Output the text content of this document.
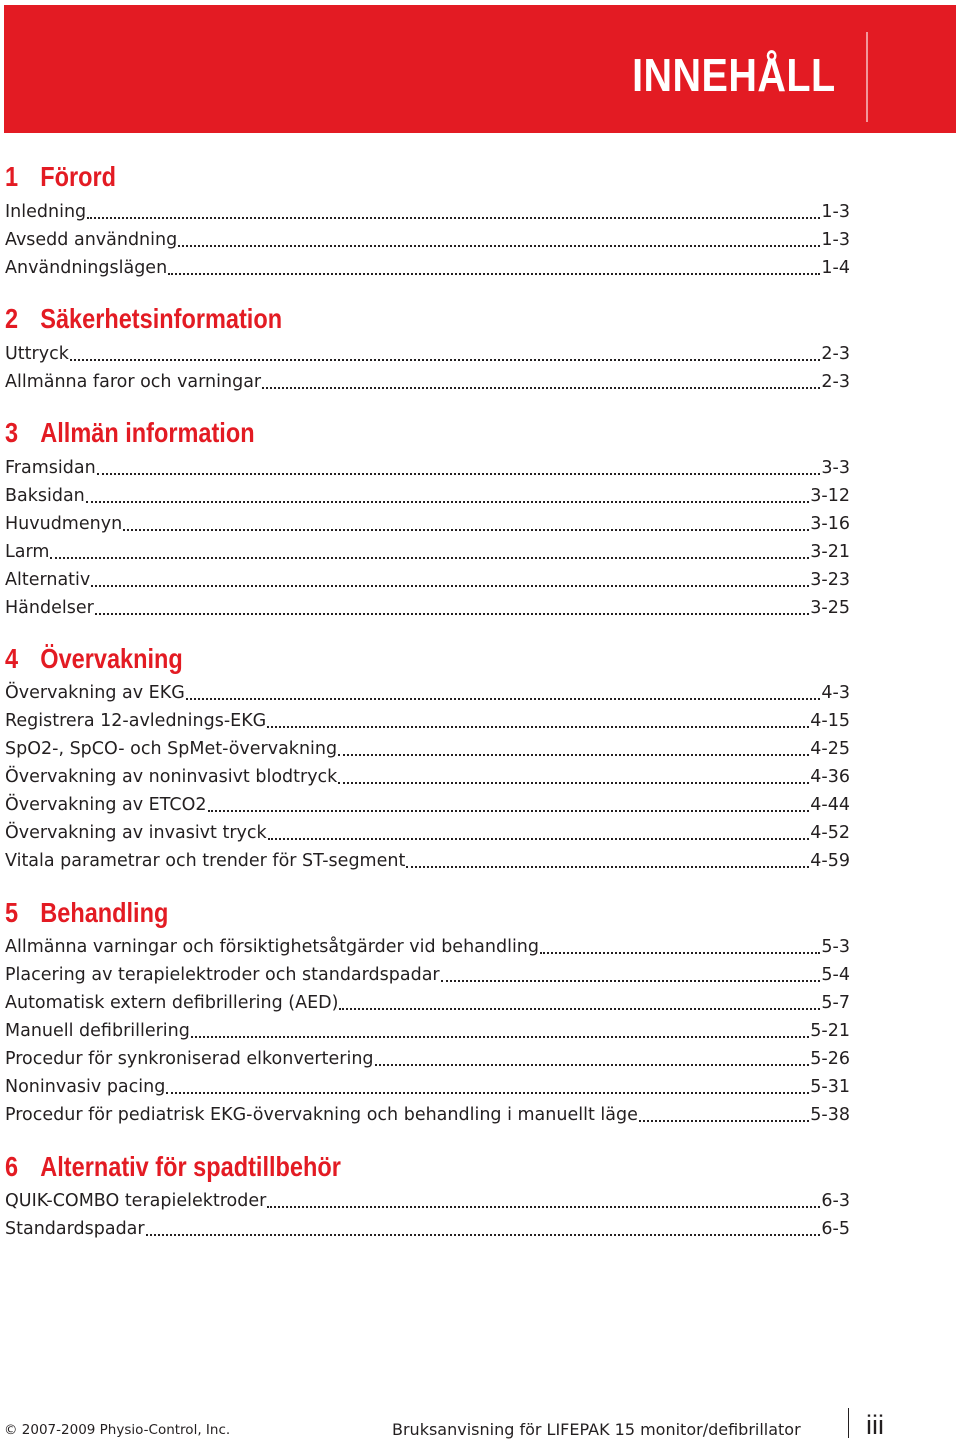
INNEHÅLL
1 Förord
Inledning	1-3
Avsedd användning	1-3
Användningslägen	1-4
2 Säkerhetsinformation
Uttryck	2-3
Allmänna faror och varningar	2-3
3 Allmän information
Framsidan	3-3
Baksidan	3-12
Huvudmenyn	3-16
Larm	3-21
Alternativ	3-23
Händelser	3-25
4 Övervakning
Övervakning av EKG	4-3
Registrera 12-avlednings-EKG	4-15
SpO2-, SpCO- och SpMet-övervakning	4-25
Övervakning av noninvasivt blodtryck	4-36
Övervakning av ETCO2	4-44
Övervakning av invasivt tryck	4-52
Vitala parametrar och trender för ST-segment	4-59
5 Behandling
Allmänna varningar och försiktighetsåtgärder vid behandling	5-3
Placering av terapielektroder och standardspadar	5-4
Automatisk extern defibrillering (AED)	5-7
Manuell defibrillering	5-21
Procedur för synkroniserad elkonvertering	5-26
Noninvasiv pacing	5-31
Procedur för pediatrisk EKG-övervakning och behandling i manuellt läge	5-38
6 Alternativ för spadtillbehör
QUIK-COMBO terapielektroder	6-3
Standardspadar	6-5
© 2007-2009 Physio-Control, Inc.	Bruksanvisning för LIFEPAK 15 monitor/defibrillator iii
